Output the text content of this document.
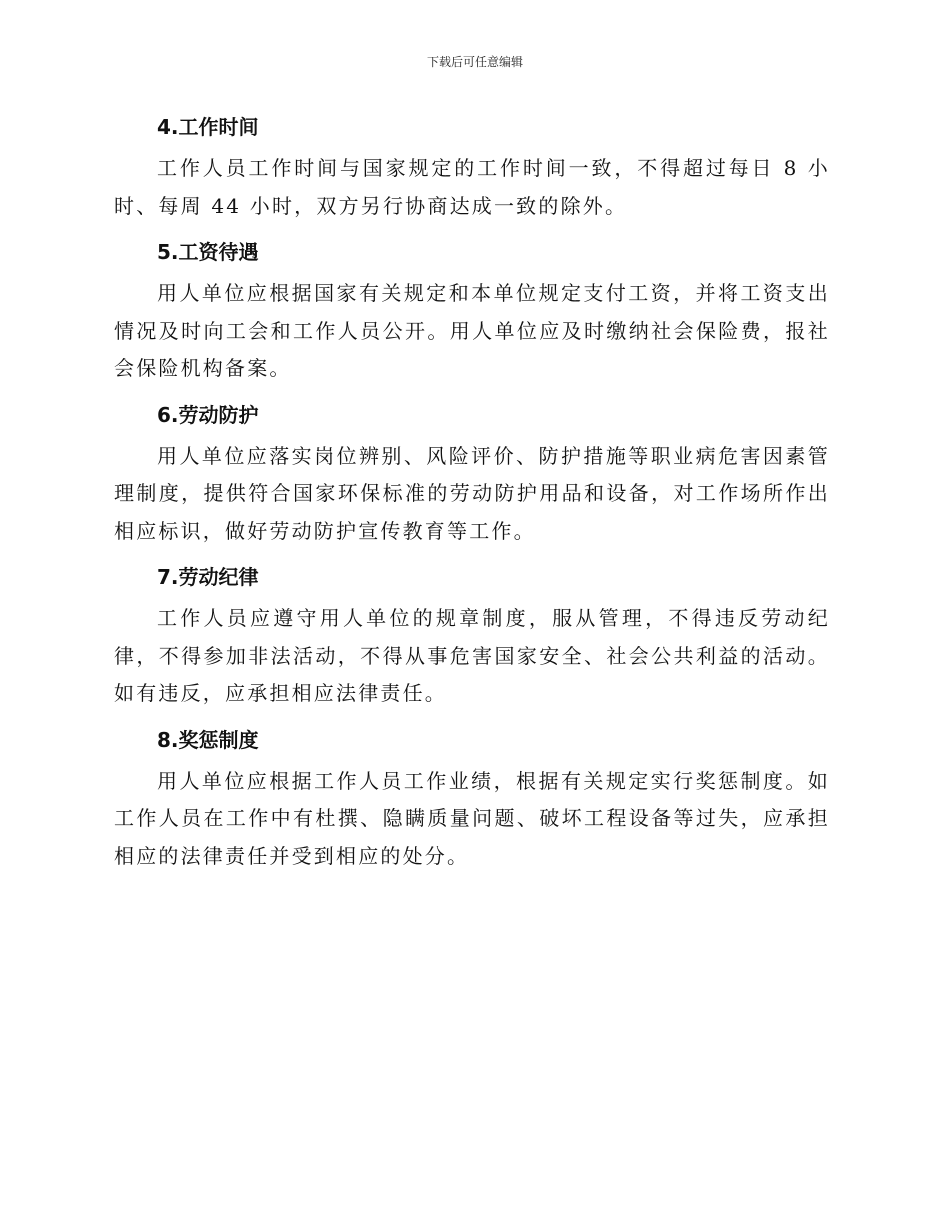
下载后可任意编辑
4.工作时间

工作人员工作时间与国家规定的工作时间一致，不得超过每日 8 小时、每周 44 小时，双方另行协商达成一致的除外。

5.工资待遇

用人单位应根据国家有关规定和本单位规定支付工资，并将工资支出情况及时向工会和工作人员公开。用人单位应及时缴纳社会保险费，报社会保险机构备案。

6.劳动防护

用人单位应落实岗位辨别、风险评价、防护措施等职业病危害因素管理制度，提供符合国家环保标准的劳动防护用品和设备，对工作场所作出相应标识，做好劳动防护宣传教育等工作。

7.劳动纪律

工作人员应遵守用人单位的规章制度，服从管理，不得违反劳动纪律，不得参加非法活动，不得从事危害国家安全、社会公共利益的活动。如有违反，应承担相应法律责任。

8.奖惩制度

用人单位应根据工作人员工作业绩，根据有关规定实行奖惩制度。如工作人员在工作中有杜撰、隐瞒质量问题、破坏工程设备等过失，应承担相应的法律责任并受到相应的处分。
